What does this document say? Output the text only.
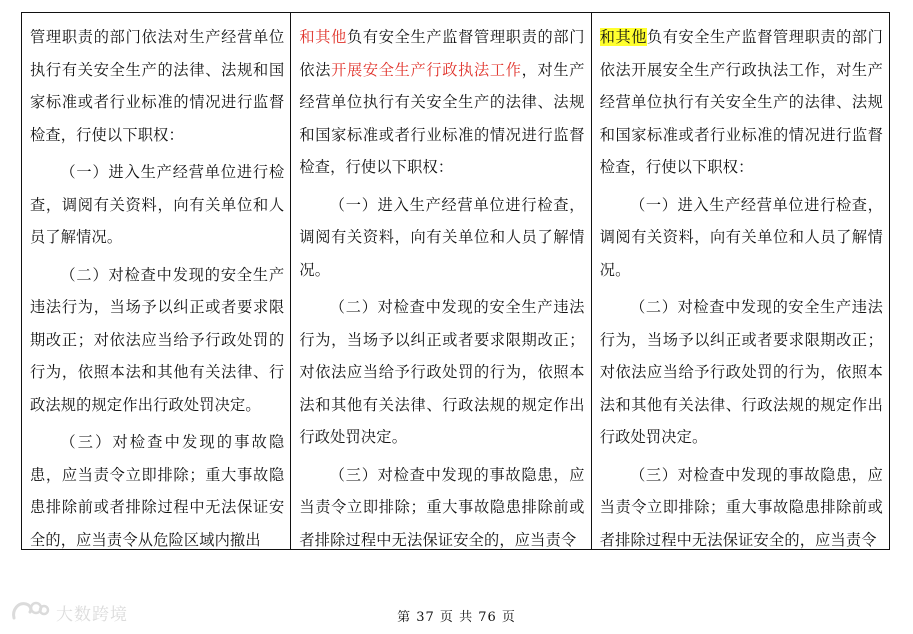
管理职责的部门依法对生产经营单位执行有关安全生产的法律、法规和国家标准或者行业标准的情况进行监督检查，行使以下职权：

（一）进入生产经营单位进行检查，调阅有关资料，向有关单位和人员了解情况。

（二）对检查中发现的安全生产违法行为，当场予以纠正或者要求限期改正；对依法应当给予行政处罚的行为，依照本法和其他有关法律、行政法规的规定作出行政处罚决定。

（三）对检查中发现的事故隐患，应当责令立即排除；重大事故隐患排除前或者排除过程中无法保证安全的，应当责令从危险区域内撤出

和其他负有安全生产监督管理职责的部门依法开展安全生产行政执法工作，对生产经营单位执行有关安全生产的法律、法规和国家标准或者行业标准的情况进行监督检查，行使以下职权：

（一）进入生产经营单位进行检查，调阅有关资料，向有关单位和人员了解情况。

（二）对检查中发现的安全生产违法行为，当场予以纠正或者要求限期改正；对依法应当给予行政处罚的行为，依照本法和其他有关法律、行政法规的规定作出行政处罚决定。

（三）对检查中发现的事故隐患，应当责令立即排除；重大事故隐患排除前或者排除过程中无法保证安全的，应当责令

和其他负有安全生产监督管理职责的部门依法开展安全生产行政执法工作，对生产经营单位执行有关安全生产的法律、法规和国家标准或者行业标准的情况进行监督检查，行使以下职权：

（一）进入生产经营单位进行检查，调阅有关资料，向有关单位和人员了解情况。

（二）对检查中发现的安全生产违法行为，当场予以纠正或者要求限期改正；对依法应当给予行政处罚的行为，依照本法和其他有关法律、行政法规的规定作出行政处罚决定。

（三）对检查中发现的事故隐患，应当责令立即排除；重大事故隐患排除前或者排除过程中无法保证安全的，应当责令

大数跨境	第 37 页 共 76 页
